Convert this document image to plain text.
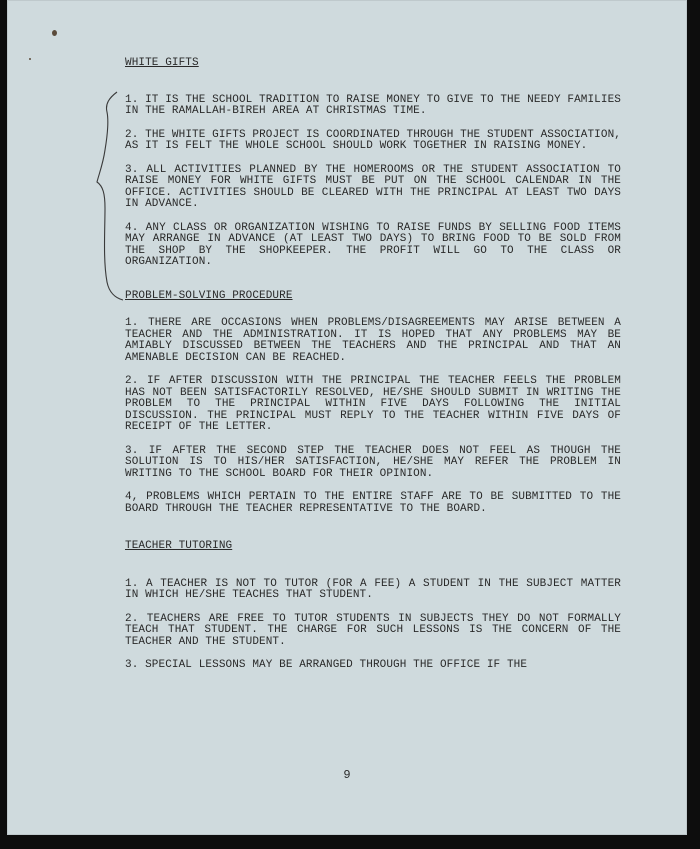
WHITE GIFTS

1. IT IS THE SCHOOL TRADITION TO RAISE MONEY TO GIVE TO THE NEEDY FAMILIES IN THE RAMALLAH-BIREH AREA AT CHRISTMAS TIME.

2. THE WHITE GIFTS PROJECT IS COORDINATED THROUGH THE STUDENT ASSOCIATION, AS IT IS FELT THE WHOLE SCHOOL SHOULD WORK TOGETHER IN RAISING MONEY.

3. ALL ACTIVITIES PLANNED BY THE HOMEROOMS OR THE STUDENT ASSOCIATION TO RAISE MONEY FOR WHITE GIFTS MUST BE PUT ON THE SCHOOL CALENDAR IN THE OFFICE. ACTIVITIES SHOULD BE CLEARED WITH THE PRINCIPAL AT LEAST TWO DAYS IN ADVANCE.

4. ANY CLASS OR ORGANIZATION WISHING TO RAISE FUNDS BY SELLING FOOD ITEMS MAY ARRANGE IN ADVANCE (AT LEAST TWO DAYS) TO BRING FOOD TO BE SOLD FROM THE SHOP BY THE SHOPKEEPER. THE PROFIT WILL GO TO THE CLASS OR ORGANIZATION.

PROBLEM-SOLVING PROCEDURE

1. THERE ARE OCCASIONS WHEN PROBLEMS/DISAGREEMENTS MAY ARISE BETWEEN A TEACHER AND THE ADMINISTRATION. IT IS HOPED THAT ANY PROBLEMS MAY BE AMIABLY DISCUSSED BETWEEN THE TEACHERS AND THE PRINCIPAL AND THAT AN AMENABLE DECISION CAN BE REACHED.

2. IF AFTER DISCUSSION WITH THE PRINCIPAL THE TEACHER FEELS THE PROBLEM HAS NOT BEEN SATISFACTORILY RESOLVED, HE/SHE SHOULD SUBMIT IN WRITING THE PROBLEM TO THE PRINCIPAL WITHIN FIVE DAYS FOLLOWING THE INITIAL DISCUSSION. THE PRINCIPAL MUST REPLY TO THE TEACHER WITHIN FIVE DAYS OF RECEIPT OF THE LETTER.

3. IF AFTER THE SECOND STEP THE TEACHER DOES NOT FEEL AS THOUGH THE SOLUTION IS TO HIS/HER SATISFACTION, HE/SHE MAY REFER THE PROBLEM IN WRITING TO THE SCHOOL BOARD FOR THEIR OPINION.

4, PROBLEMS WHICH PERTAIN TO THE ENTIRE STAFF ARE TO BE SUBMITTED TO THE BOARD THROUGH THE TEACHER REPRESENTATIVE TO THE BOARD.

TEACHER TUTORING

1. A TEACHER IS NOT TO TUTOR (FOR A FEE) A STUDENT IN THE SUBJECT MATTER IN WHICH HE/SHE TEACHES THAT STUDENT.

2. TEACHERS ARE FREE TO TUTOR STUDENTS IN SUBJECTS THEY DO NOT FORMALLY TEACH THAT STUDENT. THE CHARGE FOR SUCH LESSONS IS THE CONCERN OF THE TEACHER AND THE STUDENT.

3. SPECIAL LESSONS MAY BE ARRANGED THROUGH THE OFFICE IF THE

9
